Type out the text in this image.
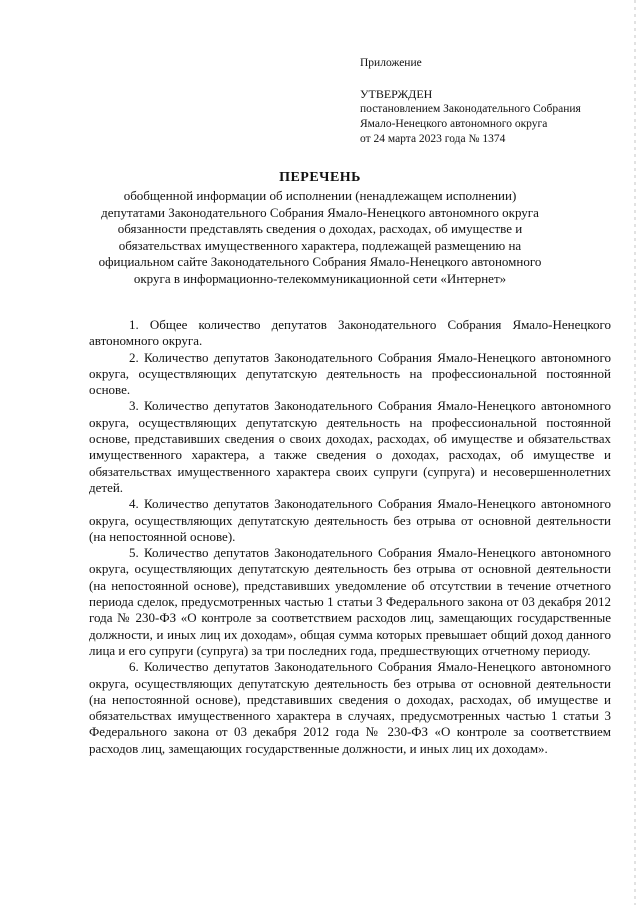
Приложение
УТВЕРЖДЕН
постановлением Законодательного Собрания
Ямало-Ненецкого автономного округа
от 24 марта 2023 года № 1374
ПЕРЕЧЕНЬ
обобщенной информации об исполнении (ненадлежащем исполнении)
депутатами Законодательного Собрания Ямало-Ненецкого автономного округа
обязанности представлять сведения о доходах, расходах, об имуществе и
обязательствах имущественного характера, подлежащей размещению на
официальном сайте Законодательного Собрания Ямало-Ненецкого автономного
округа в информационно-телекоммуникационной сети «Интернет»

1. Общее количество депутатов Законодательного Собрания Ямало-Ненецкого автономного округа.

2. Количество депутатов Законодательного Собрания Ямало-Ненецкого автономного округа, осуществляющих депутатскую деятельность на профессиональной постоянной основе.

3. Количество депутатов Законодательного Собрания Ямало-Ненецкого автономного округа, осуществляющих депутатскую деятельность на профессиональной постоянной основе, представивших сведения о своих доходах, расходах, об имуществе и обязательствах имущественного характера, а также сведения о доходах, расходах, об имуществе и обязательствах имущественного характера своих супруги (супруга) и несовершеннолетних детей.

4. Количество депутатов Законодательного Собрания Ямало-Ненецкого автономного округа, осуществляющих депутатскую деятельность без отрыва от основной деятельности (на непостоянной основе).

5. Количество депутатов Законодательного Собрания Ямало-Ненецкого автономного округа, осуществляющих депутатскую деятельность без отрыва от основной деятельности (на непостоянной основе), представивших уведомление об отсутствии в течение отчетного периода сделок, предусмотренных частью 1 статьи 3 Федерального закона от 03 декабря 2012 года № 230-ФЗ «О контроле за соответствием расходов лиц, замещающих государственные должности, и иных лиц их доходам», общая сумма которых превышает общий доход данного лица и его супруги (супруга) за три последних года, предшествующих отчетному периоду.

6. Количество депутатов Законодательного Собрания Ямало-Ненецкого автономного округа, осуществляющих депутатскую деятельность без отрыва от основной деятельности (на непостоянной основе), представивших сведения о доходах, расходах, об имуществе и обязательствах имущественного характера в случаях, предусмотренных частью 1 статьи 3 Федерального закона от 03 декабря 2012 года № 230-ФЗ «О контроле за соответствием расходов лиц, замещающих государственные должности, и иных лиц их доходам».
